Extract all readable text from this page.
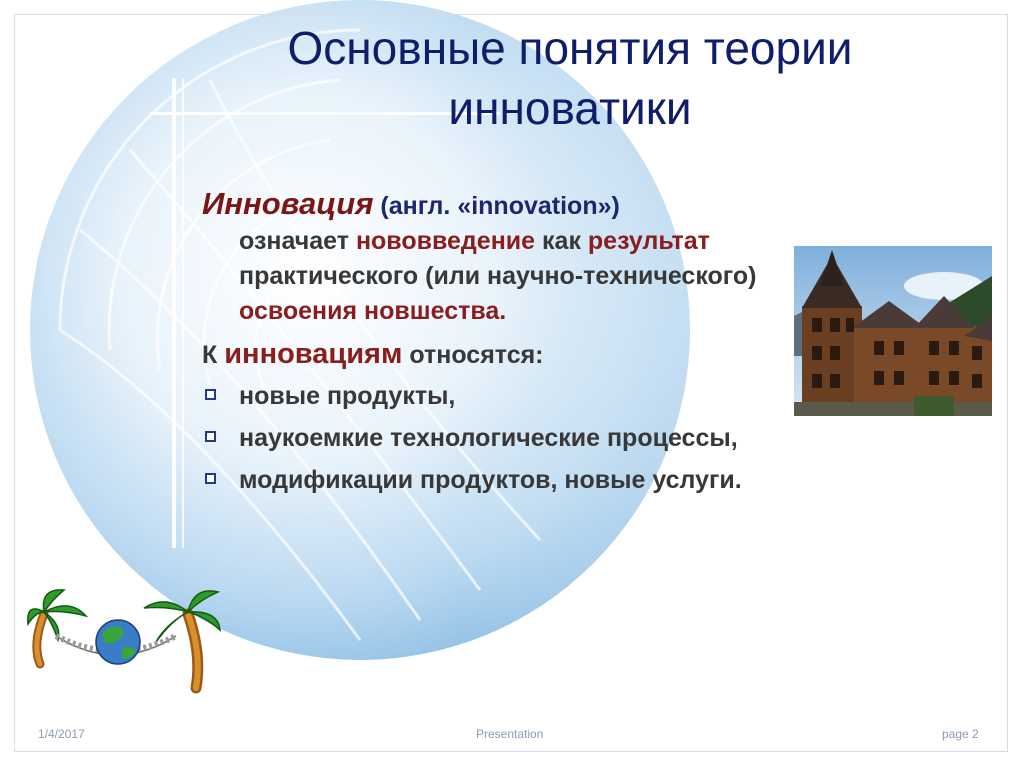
Основные понятия теории
инноватики
Инновация (англ. «innovation»)
означает нововведение как результат практического (или научно-технического) освоения новшества.
К инновациям относятся:
новые продукты,
наукоемкие технологические процессы,
модификации продуктов, новые услуги.
1/4/2017	Presentation	page 2
